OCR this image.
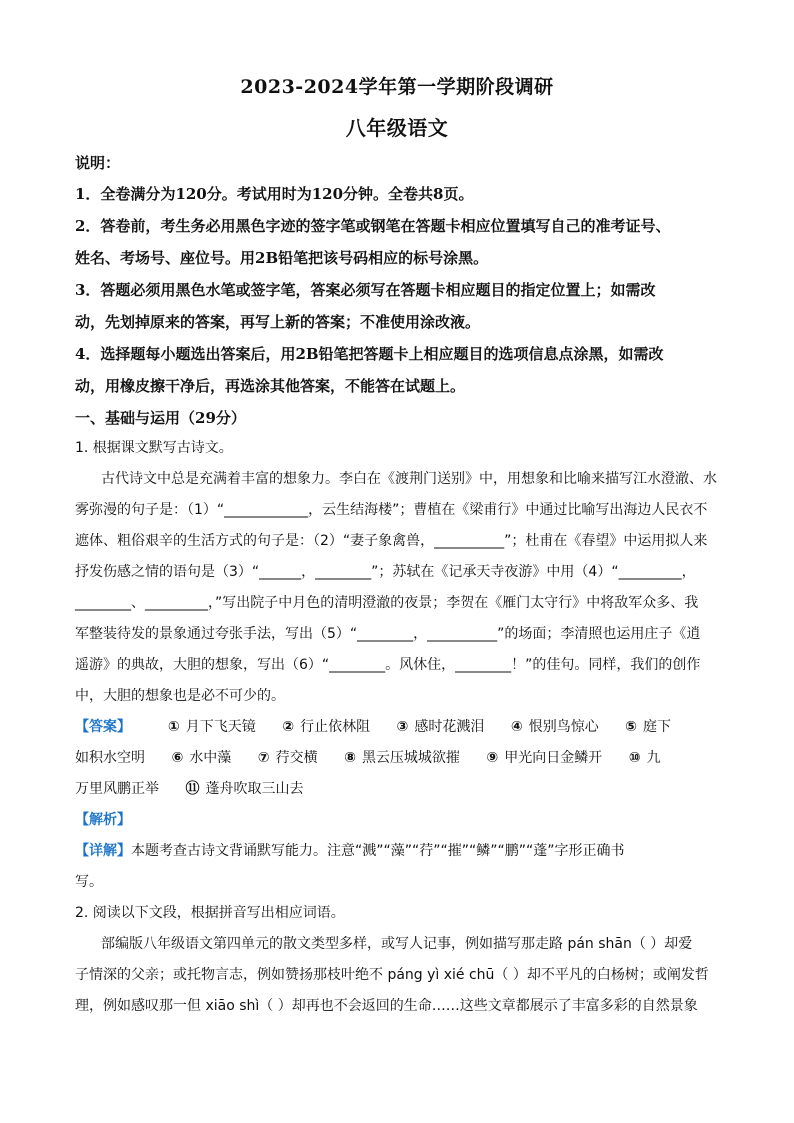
2023-2024学年第一学期阶段调研
八年级语文
说明：
1．全卷满分为120分。考试用时为120分钟。全卷共8页。
2．答卷前，考生务必用黑色字迹的签字笔或钢笔在答题卡相应位置填写自己的准考证号、
姓名、考场号、座位号。用2B铅笔把该号码相应的标号涂黑。
3．答题必须用黑色水笔或签字笔，答案必须写在答题卡相应题目的指定位置上；如需改
动，先划掉原来的答案，再写上新的答案；不准使用涂改液。
4．选择题每小题选出答案后，用2B铅笔把答题卡上相应题目的选项信息点涂黑，如需改
动，用橡皮擦干净后，再选涂其他答案，不能答在试题上。
一、基础与运用（29分）
1. 根据课文默写古诗文。
古代诗文中总是充满着丰富的想象力。李白在《渡荆门送别》中，用想象和比喻来描写江水澄澈、水
雾弥漫的句子是：（1）“____________，云生结海楼”；曹植在《梁甫行》中通过比喻写出海边人民衣不
遮体、粗俗艰辛的生活方式的句子是：（2）“妻子象禽兽，__________”；杜甫在《春望》中运用拟人来
抒发伤感之情的语句是（3）“______，________”；苏轼在《记承天寺夜游》中用（4）“_________，
________、_________，”写出院子中月色的清明澄澈的夜景；李贺在《雁门太守行》中将敌军众多、我
军整装待发的景象通过夸张手法，写出（5）“________，__________”的场面；李清照也运用庄子《逍
遥游》的典故，大胆的想象，写出（6）“________。风休住，________！”的佳句。同样，我们的创作
中，大胆的想象也是必不可少的。
【答案】	① 月下飞天镜 ② 行止依林阻 ③ 感时花溅泪 ④ 恨别鸟惊心 ⑤ 庭下
如积水空明 ⑥ 水中藻 ⑦ 荇交横 ⑧ 黑云压城城欲摧 ⑨ 甲光向日金鳞开 ⑩ 九
万里风鹏正举 ⑪ 蓬舟吹取三山去
【解析】
【详解】本题考查古诗文背诵默写能力。注意“溅”“藻”“荇”“摧”“鳞”“鹏”“蓬”字形正确书
写。
2. 阅读以下文段，根据拼音写出相应词语。
部编版八年级语文第四单元的散文类型多样，或写人记事，例如描写那走路 pán shān（ ）却爱
子情深的父亲；或托物言志，例如赞扬那枝叶绝不 páng yì xié chū（ ）却不平凡的白杨树；或阐发哲
理，例如感叹那一但 xiāo shì（ ）却再也不会返回的生命……这些文章都展示了丰富多彩的自然景象
